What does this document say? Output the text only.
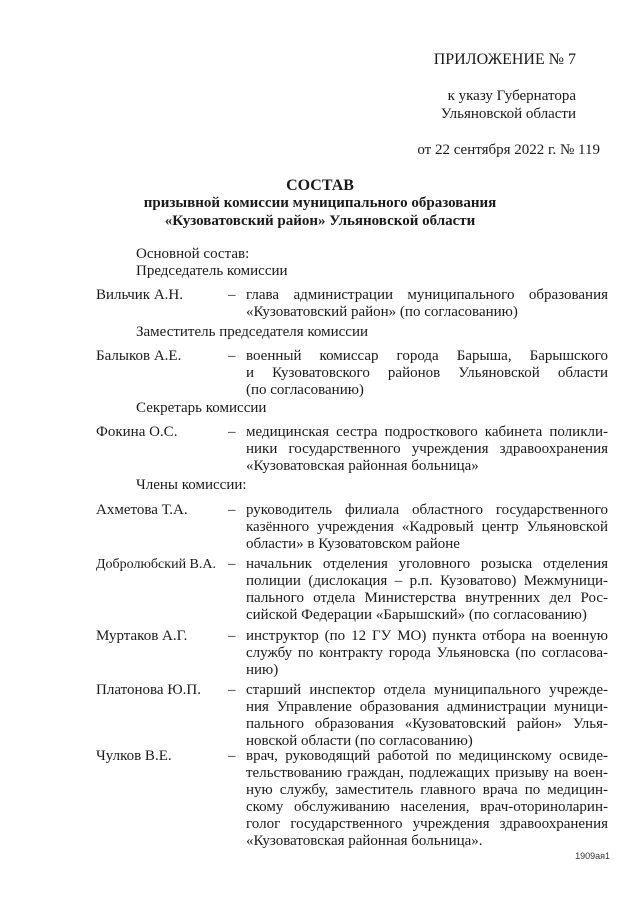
ПРИЛОЖЕНИЕ № 7
к указу Губернатора
Ульяновской области
от 22 сентября 2022 г. № 119
СОСТАВ
призывной комиссии муниципального образования
«Кузоватовский район» Ульяновской области
Основной состав:
Председатель комиссии
Вильчик А.Н.	– глава администрации муниципального образования
«Кузоватовский район» (по согласованию)
Заместитель председателя комиссии
Балыков А.Е.	– военный комиссар города Барыша, Барышского
и Кузоватовского районов Ульяновской области
(по согласованию)
Секретарь комиссии
Фокина О.С.	– медицинская сестра подросткового кабинета поликли-
ники государственного учреждения здравоохранения
«Кузоватовская районная больница»
Члены комиссии:
Ахметова Т.А.	– руководитель филиала областного государственного
казённого учреждения «Кадровый центр Ульяновской
области» в Кузоватовском районе
Добролюбский В.А. – начальник отделения уголовного розыска отделения
полиции (дислокация – р.п. Кузоватово) Межмуници-
пального отдела Министерства внутренних дел Рос-
сийской Федерации «Барышский» (по согласованию)
Муртаков А.Г.	– инструктор (по 12 ГУ МО) пункта отбора на военную
службу по контракту города Ульяновска (по согласова-
нию)
Платонова Ю.П. – старший инспектор отдела муниципального учрежде-
ния Управление образования администрации муници-
пального образования «Кузоватовский район» Улья-
новской области (по согласованию)
Чулков В.Е.	– врач, руководящий работой по медицинскому освиде-
тельствованию граждан, подлежащих призыву на воен-
ную службу, заместитель главного врача по медицин-
скому обслуживанию населения, врач-оториноларин-
голог государственного учреждения здравоохранения
«Кузоватовская районная больница».
1909ая1
